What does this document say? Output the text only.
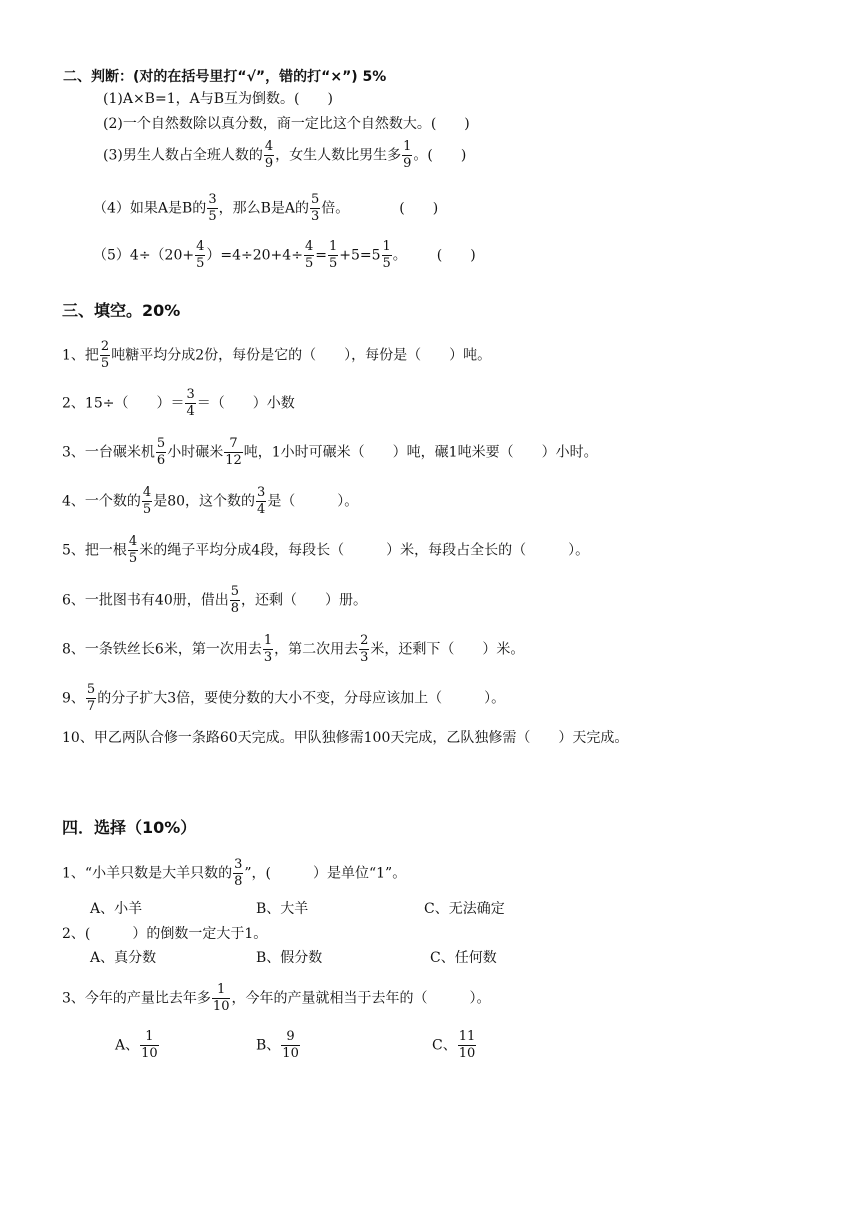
二、判断：(对的在括号里打“√”，错的打“×”) 5%
(1)A×B=1，A与B互为倒数。(　　)
(2)一个自然数除以真分数，商一定比这个自然数大。(　　)
(3)男生人数占全班人数的 $\frac{4}{9}$ ，女生人数比男生多 $\frac{1}{9}$ 。(　　)
（4）如果A是B的 $\frac{3}{5}$ ，那么B是A的 $\frac{5}{3}$ 倍。	(　　)
$(5)4\div(20+ \frac{4}{5} )=4\div 20+4\div \frac{4}{5} = \frac{1}{5} +5=5 \frac{1}{5}$ 。 (　　)
三、填空。20%
1、把 $\frac{2}{5}$ 吨糖平均分成2份，每份是它的（　　），每份是（　　）吨。
2、15÷（　　）＝ $\frac{3}{4}$ ＝（　　）小数
3、一台碾米机 $\frac{5}{6}$ 小时碾米 $\frac{7}{12}$ 吨，1小时可碾米（　　）吨，碾1吨米要（　　）小时。
4、一个数的 $\frac{4}{5}$ 是80，这个数的 $\frac{3}{4}$ 是（　　　）。
5、把一根 $\frac{4}{5}$ 米的绳子平均分成4段，每段长（　　　）米，每段占全长的（　　　）。
6、一批图书有40册，借出 $\frac{5}{8}$ ，还剩（　　）册。
8、一条铁丝长6米，第一次用去 $\frac{1}{3}$ ，第二次用去 $\frac{2}{3}$ 米，还剩下（　　）米。
9、 $\frac{5}{7}$ 的分子扩大3倍，要使分数的大小不变，分母应该加上（　　　）。
10、甲乙两队合修一条路60天完成。甲队独修需100天完成，乙队独修需（　　）天完成。
四．选择（10%）
1、“小羊只数是大羊只数的 $\frac{3}{8}$ ”，(　　　）是单位“1”。
A、小羊	B、大羊	C、无法确定
2、(　　　）的倒数一定大于1。
A、真分数	B、假分数	C、任何数
3、今年的产量比去年多 $\frac{1}{10}$ ，今年的产量就相当于去年的（　　　）。
A、 $\frac{1}{10}$	B、 $\frac{9}{10}$	C、 $\frac{11}{10}$
